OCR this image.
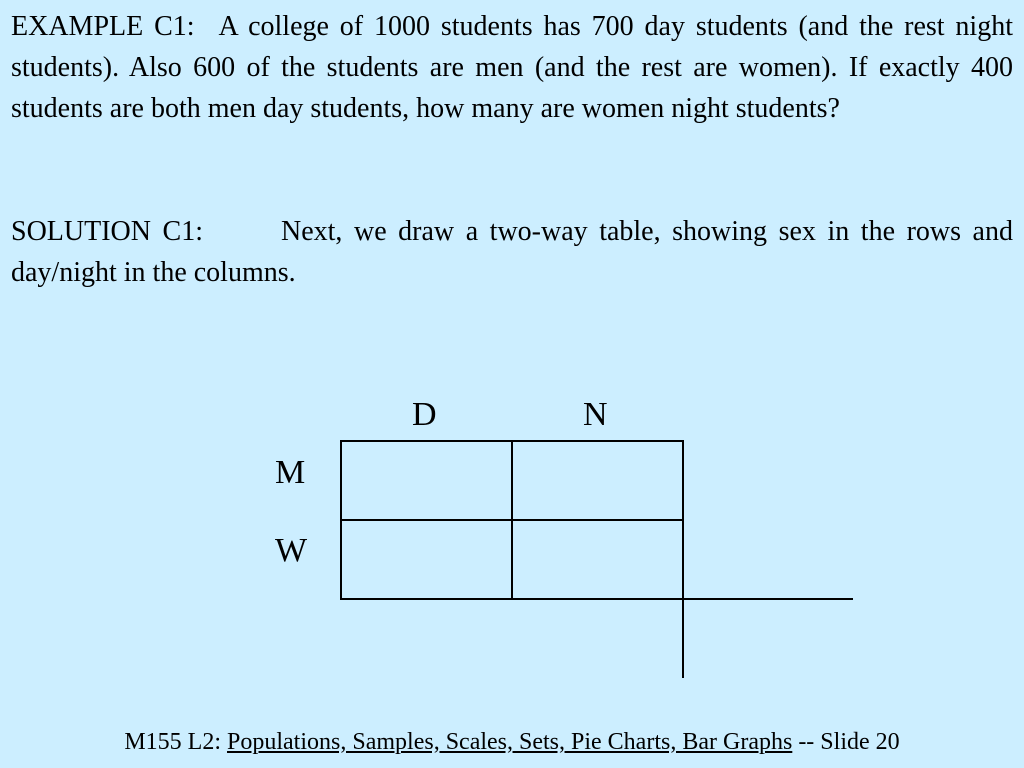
EXAMPLE C1: A college of 1000 students has 700 day students (and the rest night students). Also 600 of the students are men (and the rest are women). If exactly 400 students are both men day students, how many are women night students?

SOLUTION C1:	Next, we draw a two-way table, showing sex in the rows and day/night in the columns.

D	N
M
W
M155 L2: Populations, Samples, Scales, Sets, Pie Charts, Bar Graphs -- Slide 20
